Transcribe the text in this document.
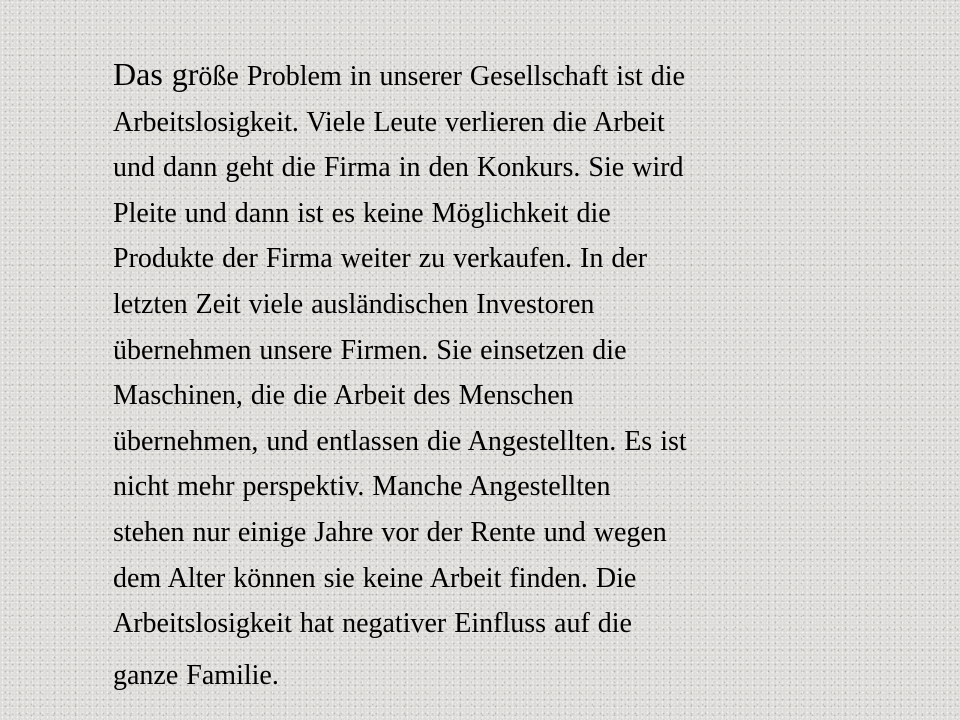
Das größe Problem in unserer Gesellschaft ist die
Arbeitslosigkeit. Viele Leute verlieren die Arbeit
und dann geht die Firma in den Konkurs. Sie wird
Pleite und dann ist es keine Möglichkeit die
Produkte der Firma weiter zu verkaufen. In der
letzten Zeit viele ausländischen Investoren
übernehmen unsere Firmen. Sie einsetzen die
Maschinen, die die Arbeit des Menschen
übernehmen, und entlassen die Angestellten. Es ist
nicht mehr perspektiv. Manche Angestellten
stehen nur einige Jahre vor der Rente und wegen
dem Alter können sie keine Arbeit finden. Die
Arbeitslosigkeit hat negativer Einfluss auf die
ganze Familie.
